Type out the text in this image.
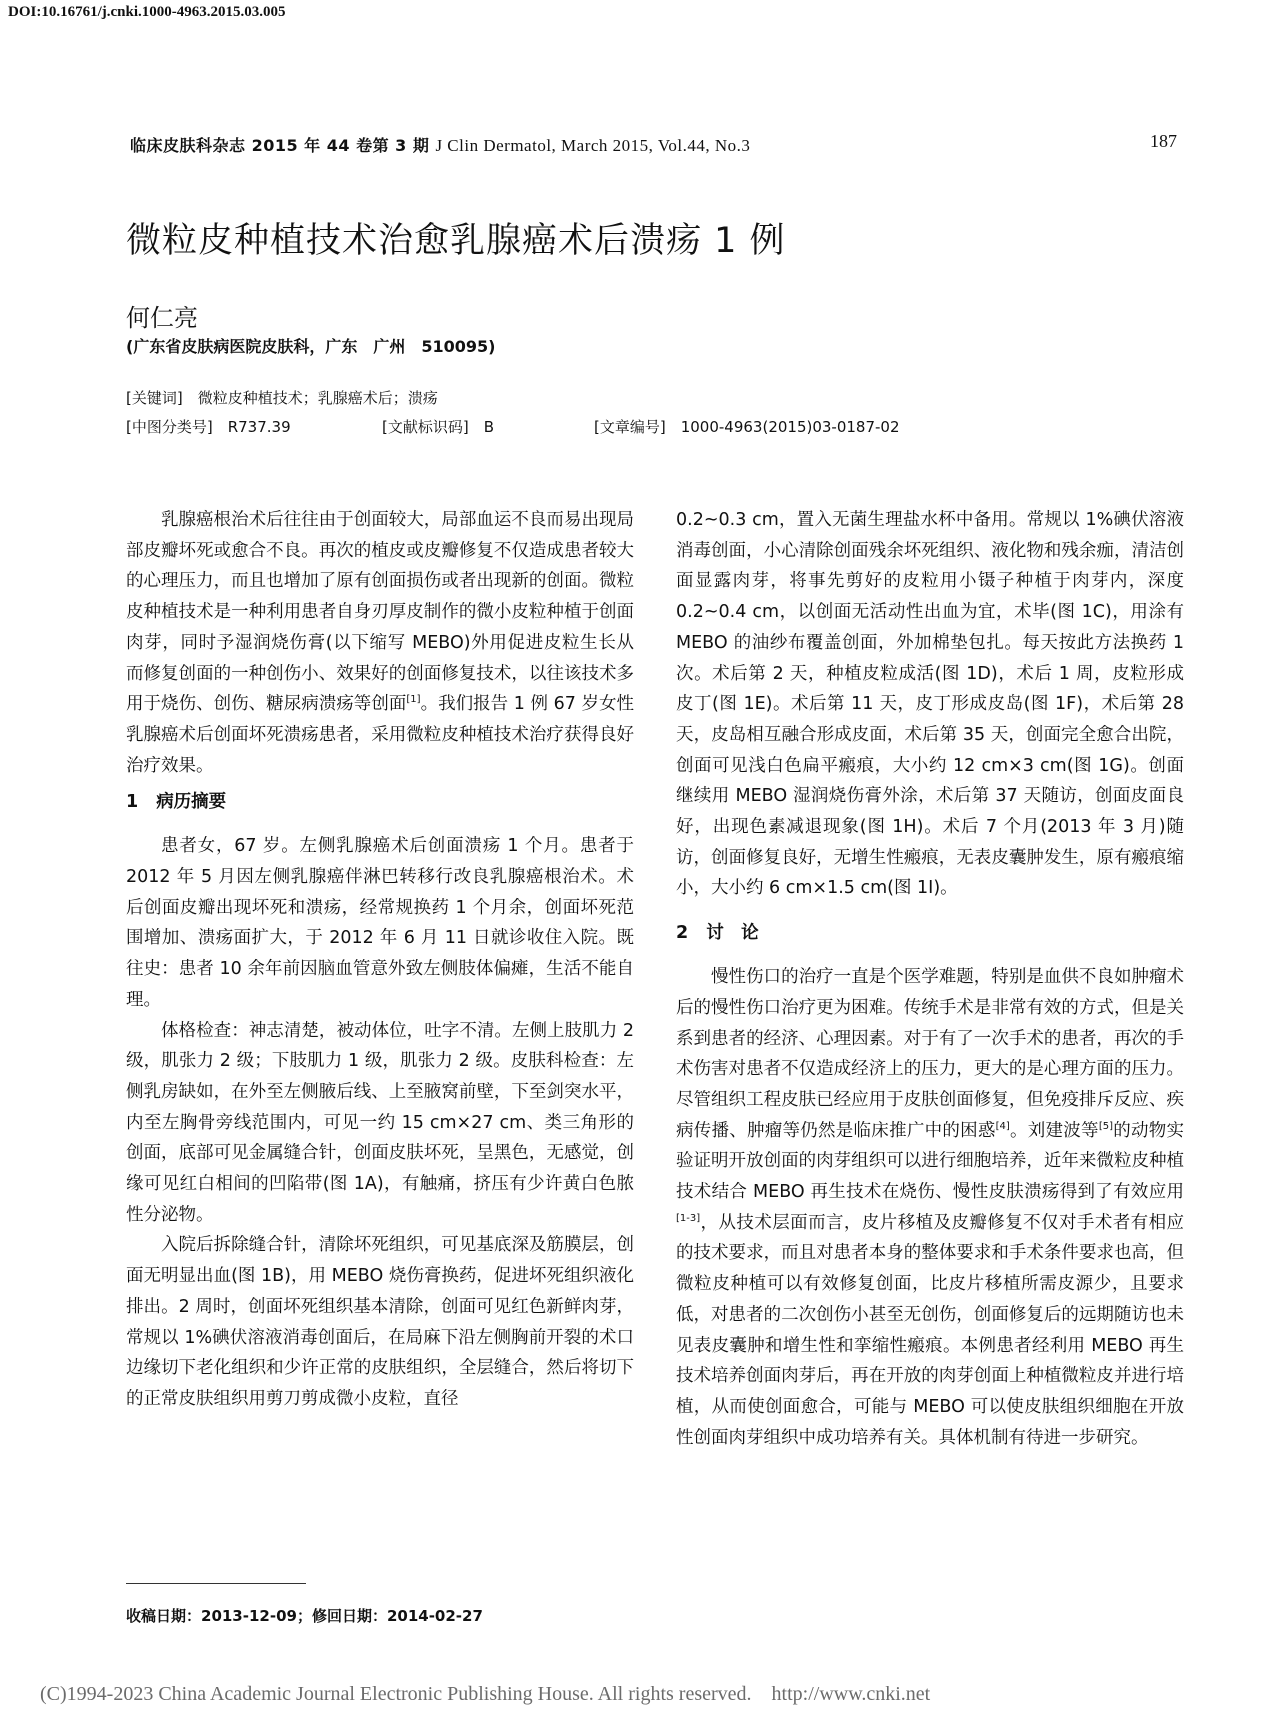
DOI:10.16761/j.cnki.1000-4963.2015.03.005
临床皮肤科杂志 2015 年 44 卷第 3 期 J Clin Dermatol, March 2015, Vol.44, No.3	187
微粒皮种植技术治愈乳腺癌术后溃疡 1 例
何仁亮
(广东省皮肤病医院皮肤科，广东　广州　510095)
[关键词]　微粒皮种植技术；乳腺癌术后；溃疡
[中图分类号]　R737.39	[文献标识码]　B	[文章编号]　1000-4963(2015)03-0187-02

乳腺癌根治术后往往由于创面较大，局部血运不良而易出现局部皮瓣坏死或愈合不良。再次的植皮或皮瓣修复不仅造成患者较大的心理压力，而且也增加了原有创面损伤或者出现新的创面。微粒皮种植技术是一种利用患者自身刃厚皮制作的微小皮粒种植于创面肉芽，同时予湿润烧伤膏(以下缩写 MEBO)外用促进皮粒生长从而修复创面的一种创伤小、效果好的创面修复技术，以往该技术多用于烧伤、创伤、糖尿病溃疡等创面[1]。我们报告 1 例 67 岁女性乳腺癌术后创面坏死溃疡患者，采用微粒皮种植技术治疗获得良好治疗效果。

1 病历摘要

患者女，67 岁。左侧乳腺癌术后创面溃疡 1 个月。患者于 2012 年 5 月因左侧乳腺癌伴淋巴转移行改良乳腺癌根治术。术后创面皮瓣出现坏死和溃疡，经常规换药 1 个月余，创面坏死范围增加、溃疡面扩大，于 2012 年 6 月 11 日就诊收住入院。既往史：患者 10 余年前因脑血管意外致左侧肢体偏瘫，生活不能自理。

体格检查：神志清楚，被动体位，吐字不清。左侧上肢肌力 2 级，肌张力 2 级；下肢肌力 1 级，肌张力 2 级。皮肤科检查：左侧乳房缺如，在外至左侧腋后线、上至腋窝前壁，下至剑突水平，内至左胸骨旁线范围内，可见一约 15 cm×27 cm、类三角形的创面，底部可见金属缝合针，创面皮肤坏死，呈黑色，无感觉，创缘可见红白相间的凹陷带(图 1A)，有触痛，挤压有少许黄白色脓性分泌物。

入院后拆除缝合针，清除坏死组织，可见基底深及筋膜层，创面无明显出血(图 1B)，用 MEBO 烧伤膏换药，促进坏死组织液化排出。2 周时，创面坏死组织基本清除，创面可见红色新鲜肉芽，常规以 1%碘伏溶液消毒创面后，在局麻下沿左侧胸前开裂的术口边缘切下老化组织和少许正常的皮肤组织，全层缝合，然后将切下的正常皮肤组织用剪刀剪成微小皮粒，直径

0.2~0.3 cm，置入无菌生理盐水杯中备用。常规以 1%碘伏溶液消毒创面，小心清除创面残余坏死组织、液化物和残余痂，清洁创面显露肉芽，将事先剪好的皮粒用小镊子种植于肉芽内，深度 0.2~0.4 cm，以创面无活动性出血为宜，术毕(图 1C)，用涂有 MEBO 的油纱布覆盖创面，外加棉垫包扎。每天按此方法换药 1 次。术后第 2 天，种植皮粒成活(图 1D)，术后 1 周，皮粒形成皮丁(图 1E)。术后第 11 天，皮丁形成皮岛(图 1F)，术后第 28 天，皮岛相互融合形成皮面，术后第 35 天，创面完全愈合出院，创面可见浅白色扁平瘢痕，大小约 12 cm×3 cm(图 1G)。创面继续用 MEBO 湿润烧伤膏外涂，术后第 37 天随访，创面皮面良好，出现色素减退现象(图 1H)。术后 7 个月(2013 年 3 月)随访，创面修复良好，无增生性瘢痕，无表皮囊肿发生，原有瘢痕缩小，大小约 6 cm×1.5 cm(图 1I)。

2 讨　论

慢性伤口的治疗一直是个医学难题，特别是血供不良如肿瘤术后的慢性伤口治疗更为困难。传统手术是非常有效的方式，但是关系到患者的经济、心理因素。对于有了一次手术的患者，再次的手术伤害对患者不仅造成经济上的压力，更大的是心理方面的压力。尽管组织工程皮肤已经应用于皮肤创面修复，但免疫排斥反应、疾病传播、肿瘤等仍然是临床推广中的困惑[4]。刘建波等[5]的动物实验证明开放创面的肉芽组织可以进行细胞培养，近年来微粒皮种植技术结合 MEBO 再生技术在烧伤、慢性皮肤溃疡得到了有效应用[1-3]，从技术层面而言，皮片移植及皮瓣修复不仅对手术者有相应的技术要求，而且对患者本身的整体要求和手术条件要求也高，但微粒皮种植可以有效修复创面，比皮片移植所需皮源少，且要求低，对患者的二次创伤小甚至无创伤，创面修复后的远期随访也未见表皮囊肿和增生性和挛缩性瘢痕。本例患者经利用 MEBO 再生技术培养创面肉芽后，再在开放的肉芽创面上种植微粒皮并进行培植，从而使创面愈合，可能与 MEBO 可以使皮肤组织细胞在开放性创面肉芽组织中成功培养有关。具体机制有待进一步研究。

收稿日期：2013-12-09；修回日期：2014-02-27
(C)1994-2023 China Academic Journal Electronic Publishing House. All rights reserved.　http://www.cnki.net
